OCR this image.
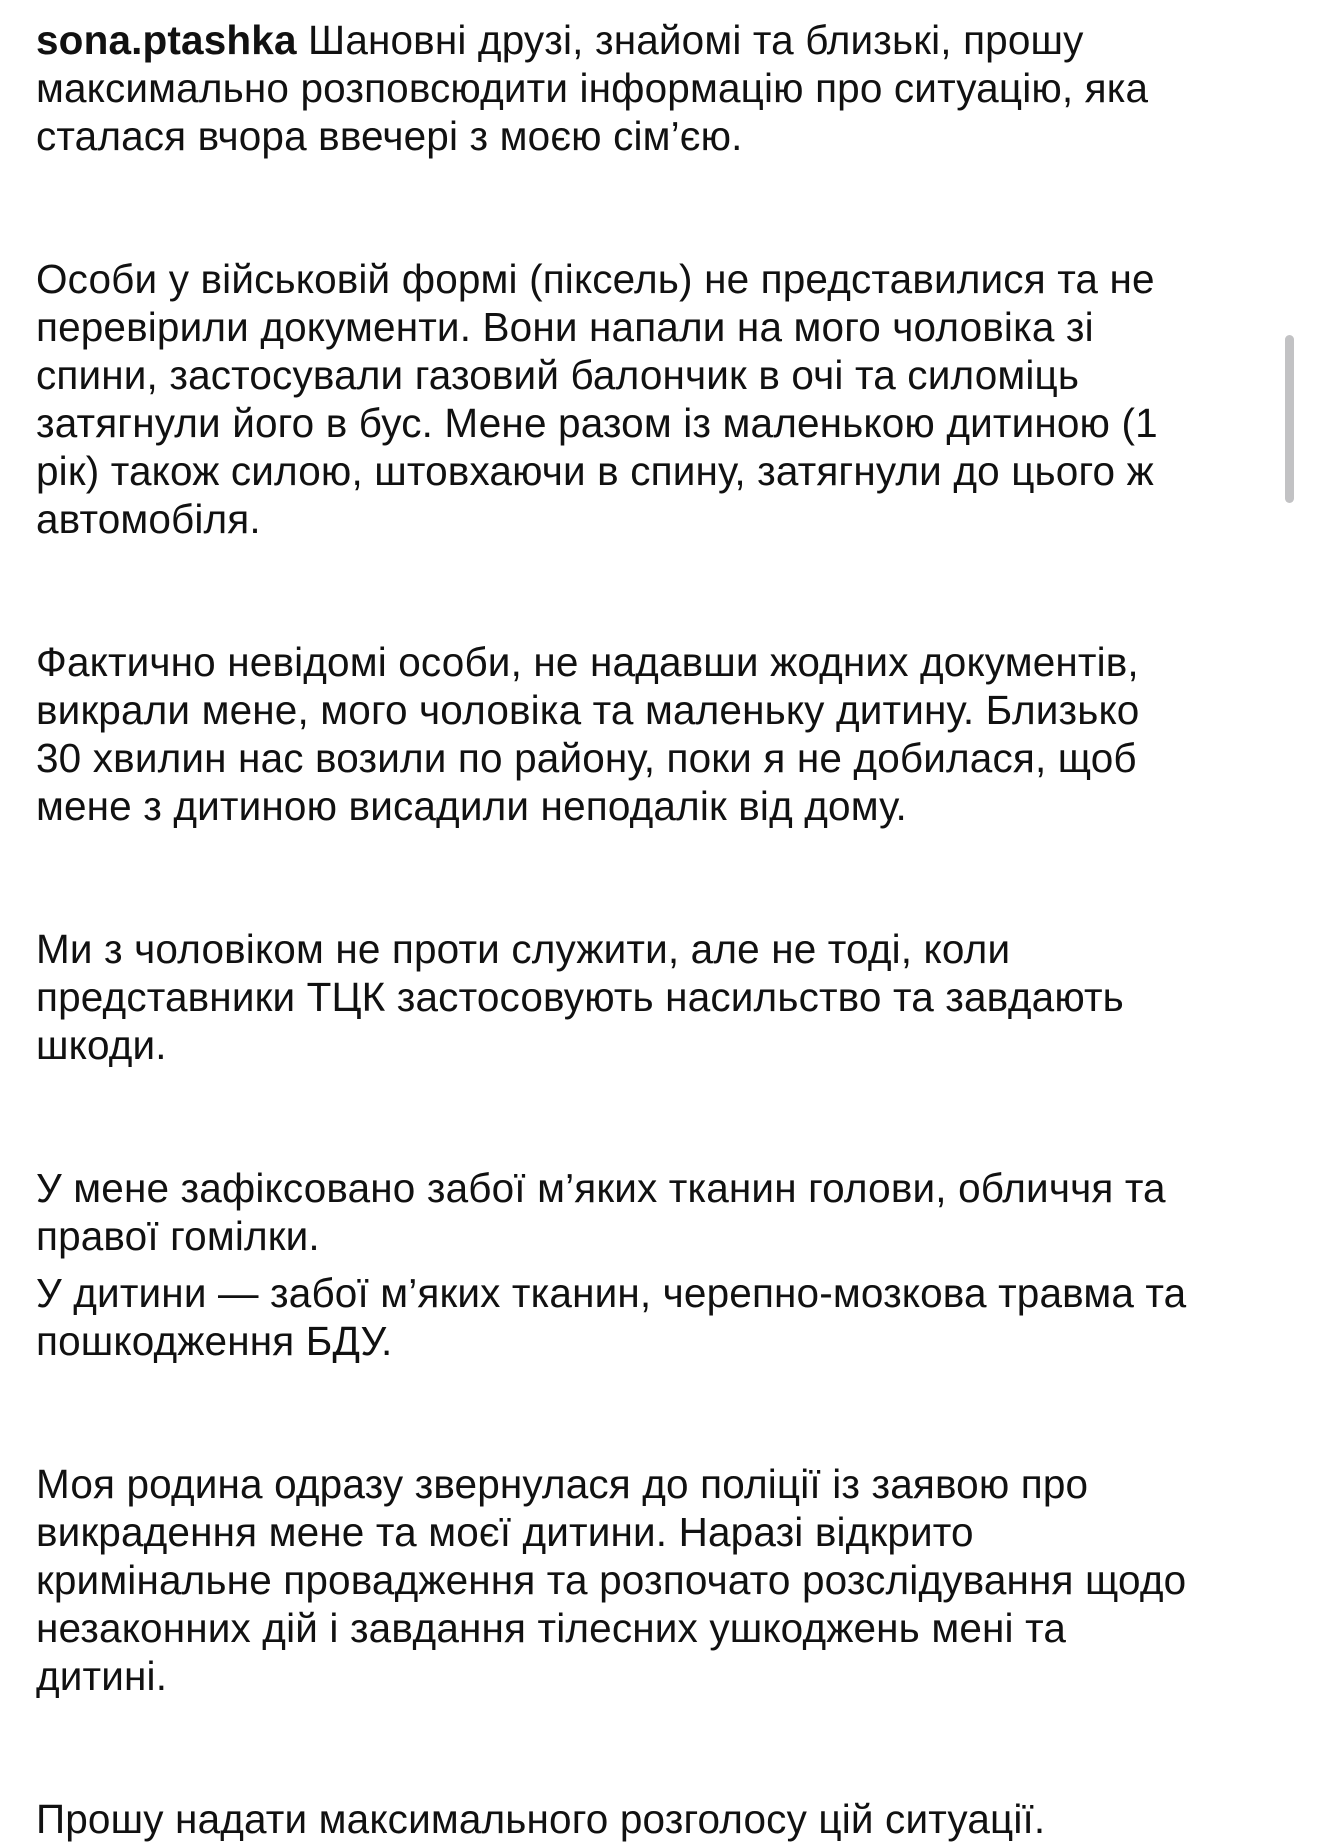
sona.ptashka Шановні друзі, знайомі та близькі, прошу
максимально розповсюдити інформацію про ситуацію, яка
сталася вчора ввечері з моєю сім’єю.

Особи у військовій формі (піксель) не представилися та не
перевірили документи. Вони напали на мого чоловіка зі
спини, застосували газовий балончик в очі та силоміць
затягнули його в бус. Мене разом із маленькою дитиною (1
рік) також силою, штовхаючи в спину, затягнули до цього ж
автомобіля.

Фактично невідомі особи, не надавши жодних документів,
викрали мене, мого чоловіка та маленьку дитину. Близько
30 хвилин нас возили по району, поки я не добилася, щоб
мене з дитиною висадили неподалік від дому.

Ми з чоловіком не проти служити, але не тоді, коли
представники ТЦК застосовують насильство та завдають
шкоди.

У мене зафіксовано забої м’яких тканин голови, обличчя та
правої гомілки.

У дитини — забої м’яких тканин, черепно-мозкова травма та
пошкодження БДУ.

Моя родина одразу звернулася до поліції із заявою про
викрадення мене та моєї дитини. Наразі відкрито
кримінальне провадження та розпочато розслідування щодо
незаконних дій і завдання тілесних ушкоджень мені та
дитині.

Прошу надати максимального розголосу цій ситуації.
